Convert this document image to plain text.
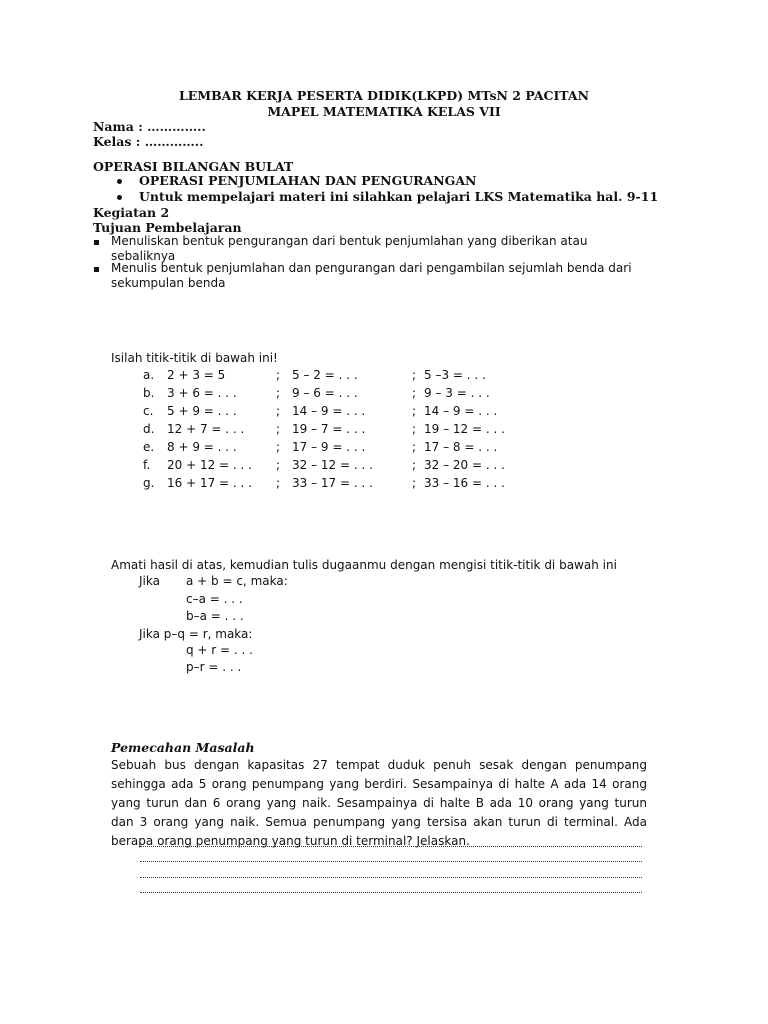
LEMBAR KERJA PESERTA DIDIK(LKPD) MTsN 2 PACITAN
MAPEL MATEMATIKA KELAS VII
Nama : …………..
Kelas : …………..
OPERASI BILANGAN BULAT
OPERASI PENJUMLAHAN DAN PENGURANGAN
Untuk mempelajari materi ini silahkan pelajari LKS Matematika hal. 9-11
Kegiatan 2
Tujuan Pembelajaran
Menuliskan bentuk pengurangan dari bentuk penjumlahan yang diberikan atau
sebaliknya
Menulis bentuk penjumlahan dan pengurangan dari pengambilan sejumlah benda dari
sekumpulan benda
Isilah titik-titik di bawah ini!
a. 2 + 3 = 5	; 5 – 2 = . . .	; 5 –3 = . . .
b. 3 + 6 = . . .	; 9 – 6 = . . .	; 9 – 3 = . . .
c. 5 + 9 = . . .	; 14 – 9 = . . .	; 14 – 9 = . . .
d. 12 + 7 = . . .	; 19 – 7 = . . .	; 19 – 12 = . . .
e. 8 + 9 = . . .	; 17 – 9 = . . .	; 17 – 8 = . . .
f. 20 + 12 = . . . ; 32 – 12 = . . .	; 32 – 20 = . . .
g. 16 + 17 = . . . ; 33 – 17 = . . .	; 33 – 16 = . . .
Amati hasil di atas, kemudian tulis dugaanmu dengan mengisi titik-titik di bawah ini
Jika a + b = c, maka:
c–a = . . .
b–a = . . .
Jika p–q = r, maka:
q + r = . . .
p–r = . . .
Pemecahan Masalah
Sebuah bus dengan kapasitas 27 tempat duduk penuh sesak dengan penumpang
sehingga ada 5 orang penumpang yang berdiri. Sesampainya di halte A ada 14 orang
yang turun dan 6 orang yang naik. Sesampainya di halte B ada 10 orang yang turun
dan 3 orang yang naik. Semua penumpang yang tersisa akan turun di terminal. Ada
berapa orang penumpang yang turun di terminal? Jelaskan.
